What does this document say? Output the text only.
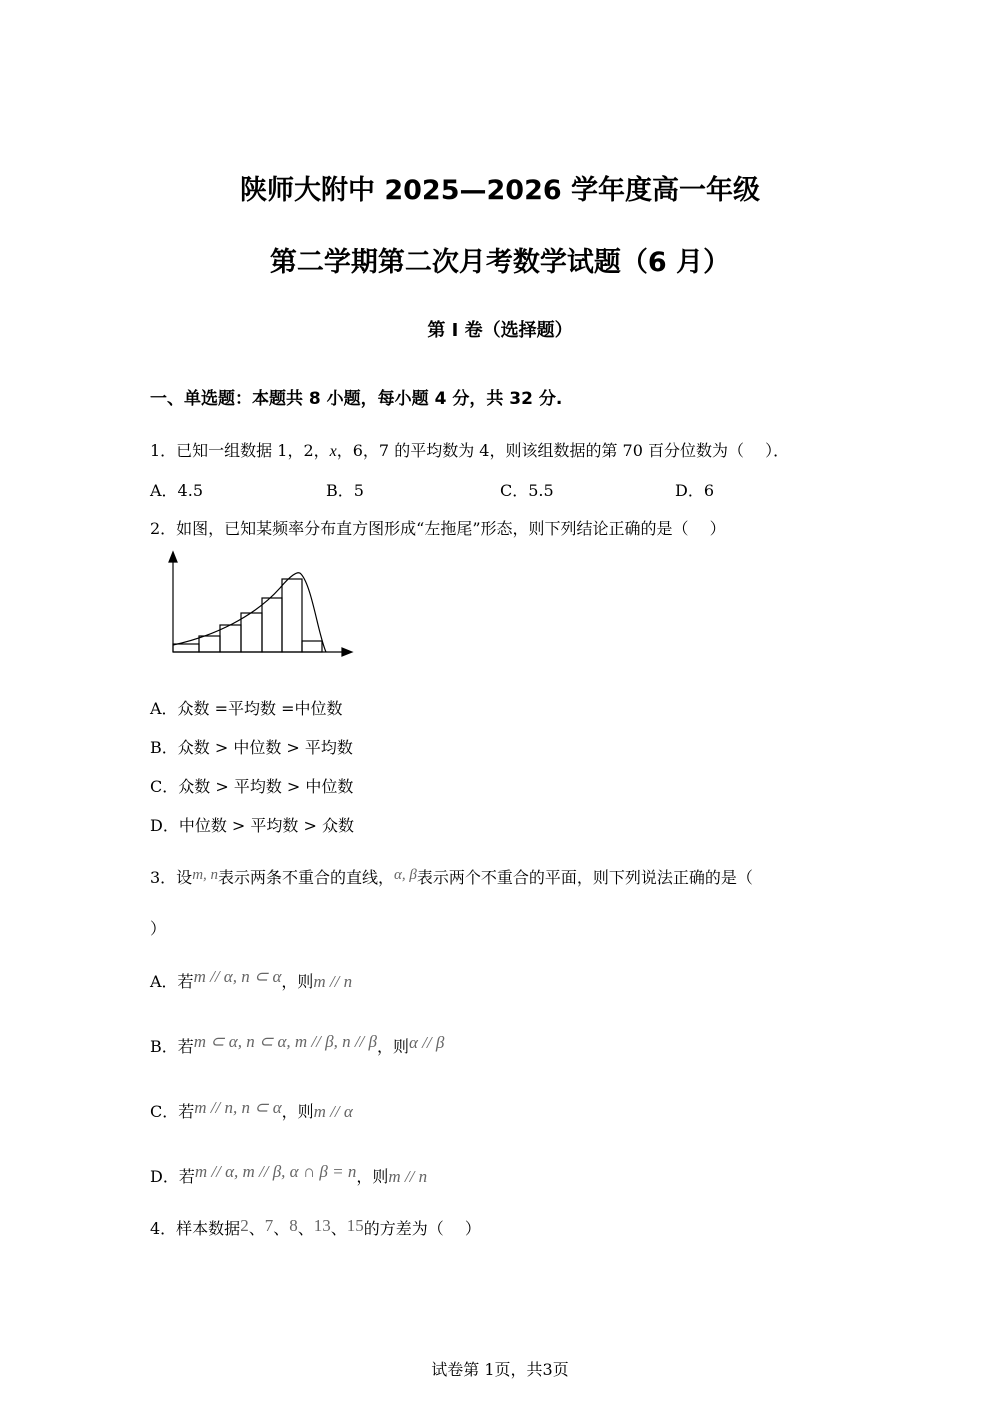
陕师大附中 2025—2026 学年度高一年级
第二学期第二次月考数学试题（6 月）
第 I 卷（选择题）
一、单选题：本题共 8 小题，每小题 4 分，共 32 分.
1．已知一组数据 1，2，x，6，7 的平均数为 4，则该组数据的第 70 百分位数为（　 ）．
A．4.5	B．5	C．5.5	D．6
2．如图，已知某频率分布直方图形成“左拖尾”形态，则下列结论正确的是（　 ）
A．众数 =平均数 =中位数
B．众数 > 中位数 > 平均数
C．众数 > 平均数 > 中位数
D．中位数 > 平均数 > 众数
3．设m, n表示两条不重合的直线，α, β表示两个不重合的平面，则下列说法正确的是（
）
A．若m // α, n ⊂ α，则m // n
B．若m ⊂ α, n ⊂ α, m // β, n // β，则α // β
C．若m // n, n ⊂ α，则m // α
D．若m // α, m // β, α ∩ β = n，则m // n
4．样本数据2、7、8、13、15的方差为（　 ）
试卷第 1页，共3页
